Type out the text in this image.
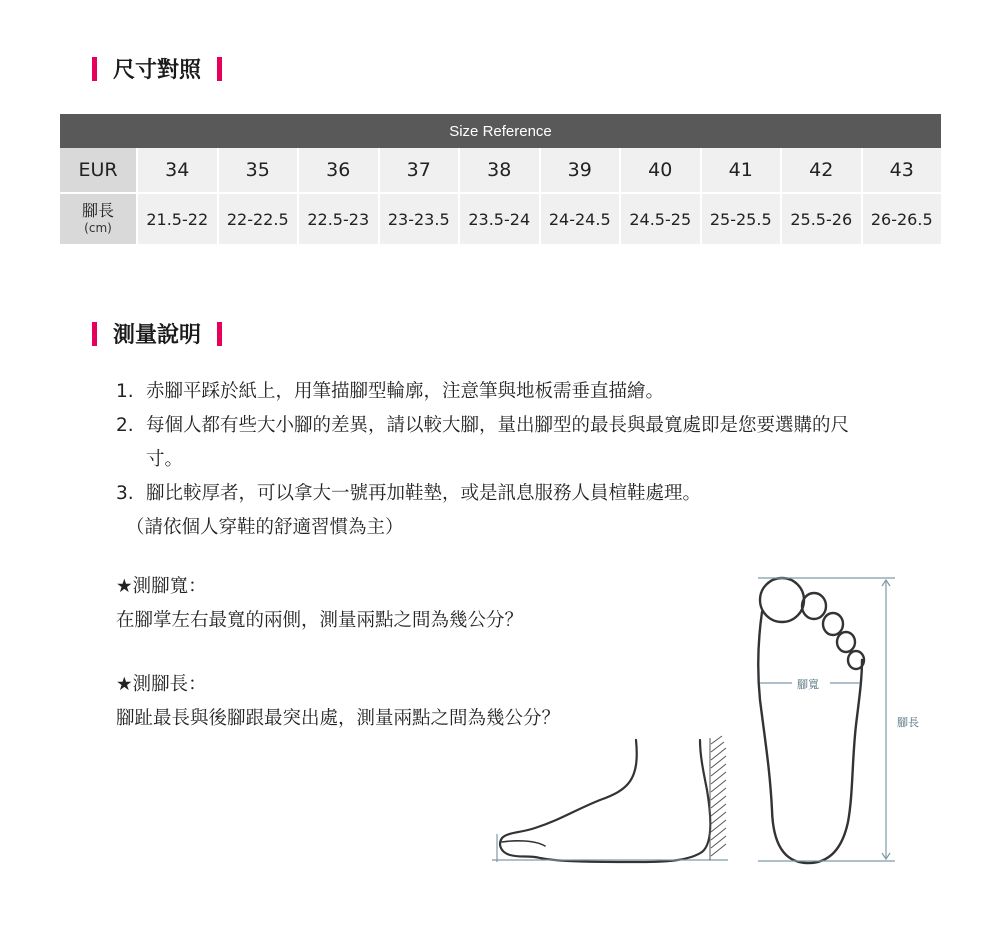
尺寸對照
Size Reference										
EUR	34	35	36	37	38	39	40	41	42	43

腳長
(cm)	21.5-22	22-22.5	22.5-23	23-23.5	23.5-24	24-24.5	24.5-25	25-25.5	25.5-26	26-26.5
測量說明
1. 赤腳平踩於紙上，用筆描腳型輪廓，注意筆與地板需垂直描繪。
2. 每個人都有些大小腳的差異，請以較大腳，量出腳型的最長與最寬處即是您要選購的尺寸。
3. 腳比較厚者，可以拿大一號再加鞋墊，或是訊息服務人員楦鞋處理。
（請依個人穿鞋的舒適習慣為主）
★測腳寬：
在腳掌左右最寬的兩側，測量兩點之間為幾公分？
★測腳長：
腳趾最長與後腳跟最突出處，測量兩點之間為幾公分？
腳寬
腳長
